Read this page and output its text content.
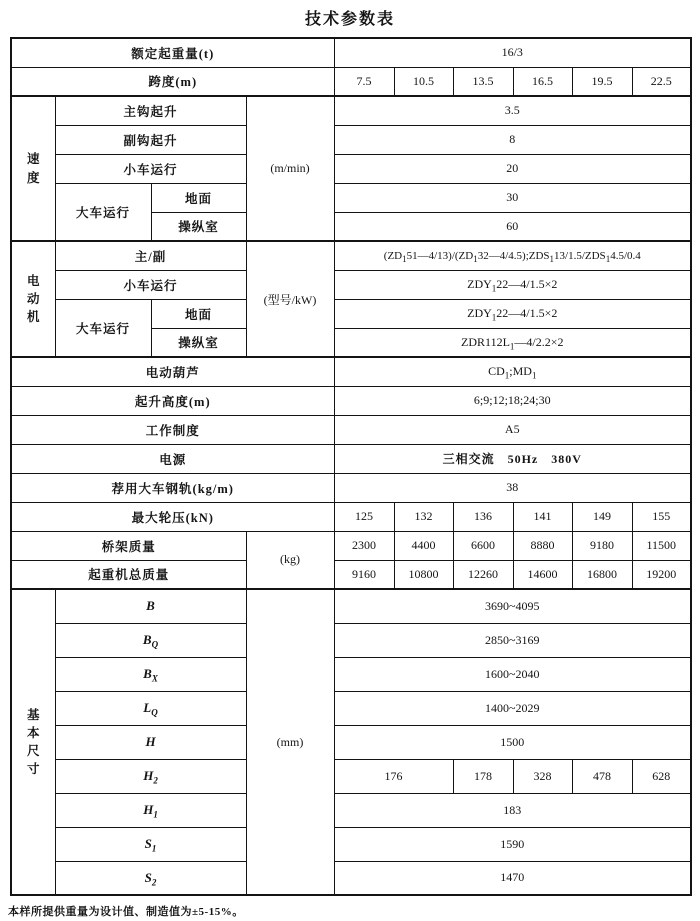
技术参数表
额定起重量(t)				16/3					
跨度(m)				7.5	10.5	13.5	16.5	19.5	22.5

速度	主钩起升		(m/min)	3.5					
	副钩起升			8					
	小车运行			20					
	大车运行	地面		30					
		操纵室		60					

电动机	主/副		(型号/kW)	$(ZD_151—4/13)/(ZD_132—4/4.5);ZDS_113/1.5/ZDS_14.5/0.4$					
	小车运行			$ZDY_122—4/1.5\times 2$					
	大车运行	地面		$ZDY_122—4/1.5\times 2$					
		操纵室		$ZDR112L_1—4/2.2\times 2$					
电动葫芦				$CD_1;MD_1$
起升高度(m)				6;9;12;18;24;30					
工作制度				A5					
电源				三相交流　50Hz　380V					
荐用大车钢轨(kg/m)				38					
最大轮压(kN)				125	132	136	141	149	155
桥架质量			(kg)	2300	4400	6600	8880	9180	11500
起重机总质量				9160	10800	12260	14600	16800	19200

基本尺寸	B		(mm)	3690~4095					
	$B_Q$			2850~3169					
	$B_X$			1600~2040					
	$L_Q$			1400~2029					
	H			1500					
	$H_2$			176		178	328	478	628
	$H_1$			183					
	$S_1$			1590					
	$S_2$			1470					
本样所提供重量为设计值、制造值为±5-15%。
